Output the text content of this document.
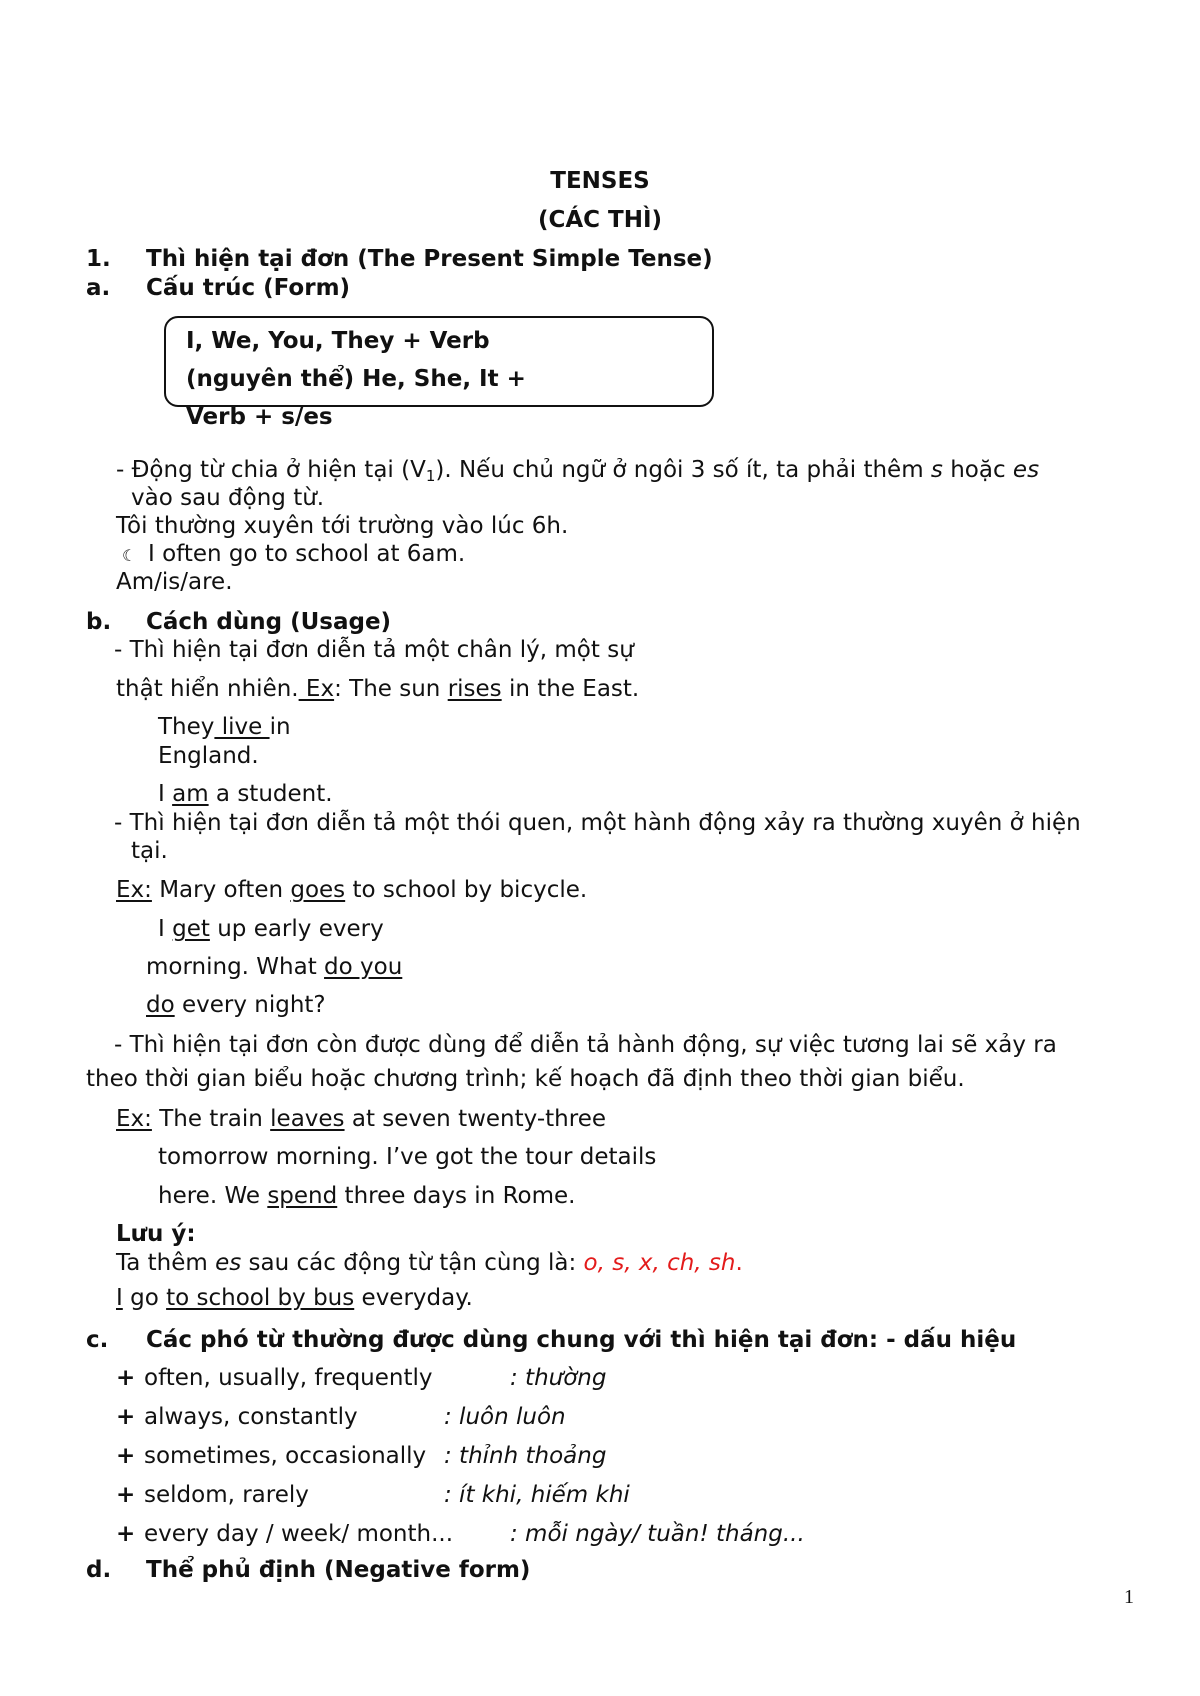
TENSES
(CÁC THÌ)
1. Thì hiện tại đơn (The Present Simple Tense)
a. Cấu trúc (Form)
I, We, You, They + Verb
(nguyên thể) He, She, It +
Verb + s/es
- Động từ chia ở hiện tại $(V_1)$. Nếu chủ ngữ ở ngôi 3 số ít, ta phải thêm s hoặc es
vào sau động từ.
Tôi thường xuyên tới trường vào lúc 6h.
☾ I often go to school at 6am.
Am/is/are.
b. Cách dùng (Usage)
- Thì hiện tại đơn diễn tả một chân lý, một sự
thật hiển nhiên. Ex: The sun rises in the East.
They live in
England.
I am a student.
- Thì hiện tại đơn diễn tả một thói quen, một hành động xảy ra thường xuyên ở hiện
tại.
Ex: Mary often goes to school by bicycle.
I get up early every
morning. What do you
do every night?
- Thì hiện tại đơn còn được dùng để diễn tả hành động, sự việc tương lai sẽ xảy ra
theo thời gian biểu hoặc chương trình; kế hoạch đã định theo thời gian biểu.
Ex: The train leaves at seven twenty-three
tomorrow morning. I’ve got the tour details
here. We spend three days in Rome.
Lưu ý:
Ta thêm es sau các động từ tận cùng là: o, s, x, ch, sh.
I go to school by bus everyday.
c. Các phó từ thường được dùng chung với thì hiện tại đơn: - dấu hiệu
+ often, usually, frequently	: thường
+ always, constantly	: luôn luôn
+ sometimes, occasionally : thỉnh thoảng
+ seldom, rarely	: ít khi, hiếm khi
+ every day / week/ month... : mỗi ngày/ tuần! tháng...
d. Thể phủ định (Negative form)
1
